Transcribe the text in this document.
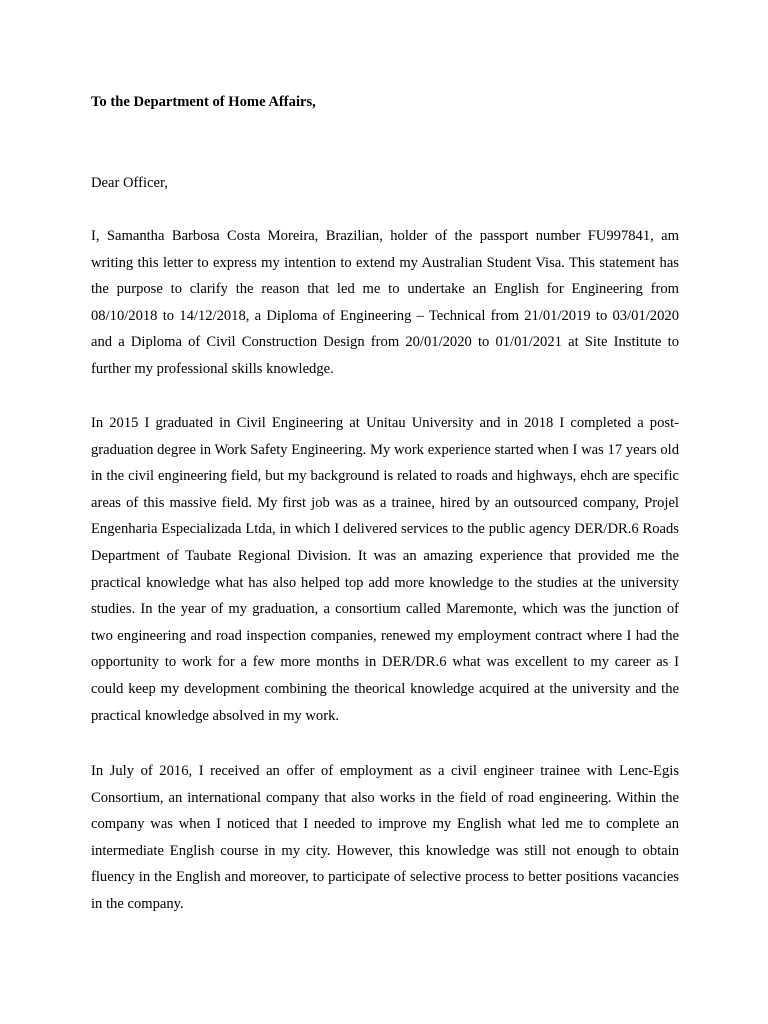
To the Department of Home Affairs,

Dear Officer,

I, Samantha Barbosa Costa Moreira, Brazilian, holder of the passport number FU997841, am writing this letter to express my intention to extend my Australian Student Visa. This statement has the purpose to clarify the reason that led me to undertake an English for Engineering from 08/10/2018 to 14/12/2018, a Diploma of Engineering – Technical from 21/01/2019 to 03/01/2020 and a Diploma of Civil Construction Design from 20/01/2020 to 01/01/2021 at Site Institute to further my professional skills knowledge.

In 2015 I graduated in Civil Engineering at Unitau University and in 2018 I completed a post-graduation degree in Work Safety Engineering. My work experience started when I was 17 years old in the civil engineering field, but my background is related to roads and highways, ehch are specific areas of this massive field. My first job was as a trainee, hired by an outsourced company, Projel Engenharia Especializada Ltda, in which I delivered services to the public agency DER/DR.6 Roads Department of Taubate Regional Division. It was an amazing experience that provided me the practical knowledge what has also helped top add more knowledge to the studies at the university studies. In the year of my graduation, a consortium called Maremonte, which was the junction of two engineering and road inspection companies, renewed my employment contract where I had the opportunity to work for a few more months in DER/DR.6 what was excellent to my career as I could keep my development combining the theorical knowledge acquired at the university and the practical knowledge absolved in my work.

In July of 2016, I received an offer of employment as a civil engineer trainee with Lenc-Egis Consortium, an international company that also works in the field of road engineering. Within the company was when I noticed that I needed to improve my English what led me to complete an intermediate English course in my city. However, this knowledge was still not enough to obtain fluency in the English and moreover, to participate of selective process to better positions vacancies in the company.
